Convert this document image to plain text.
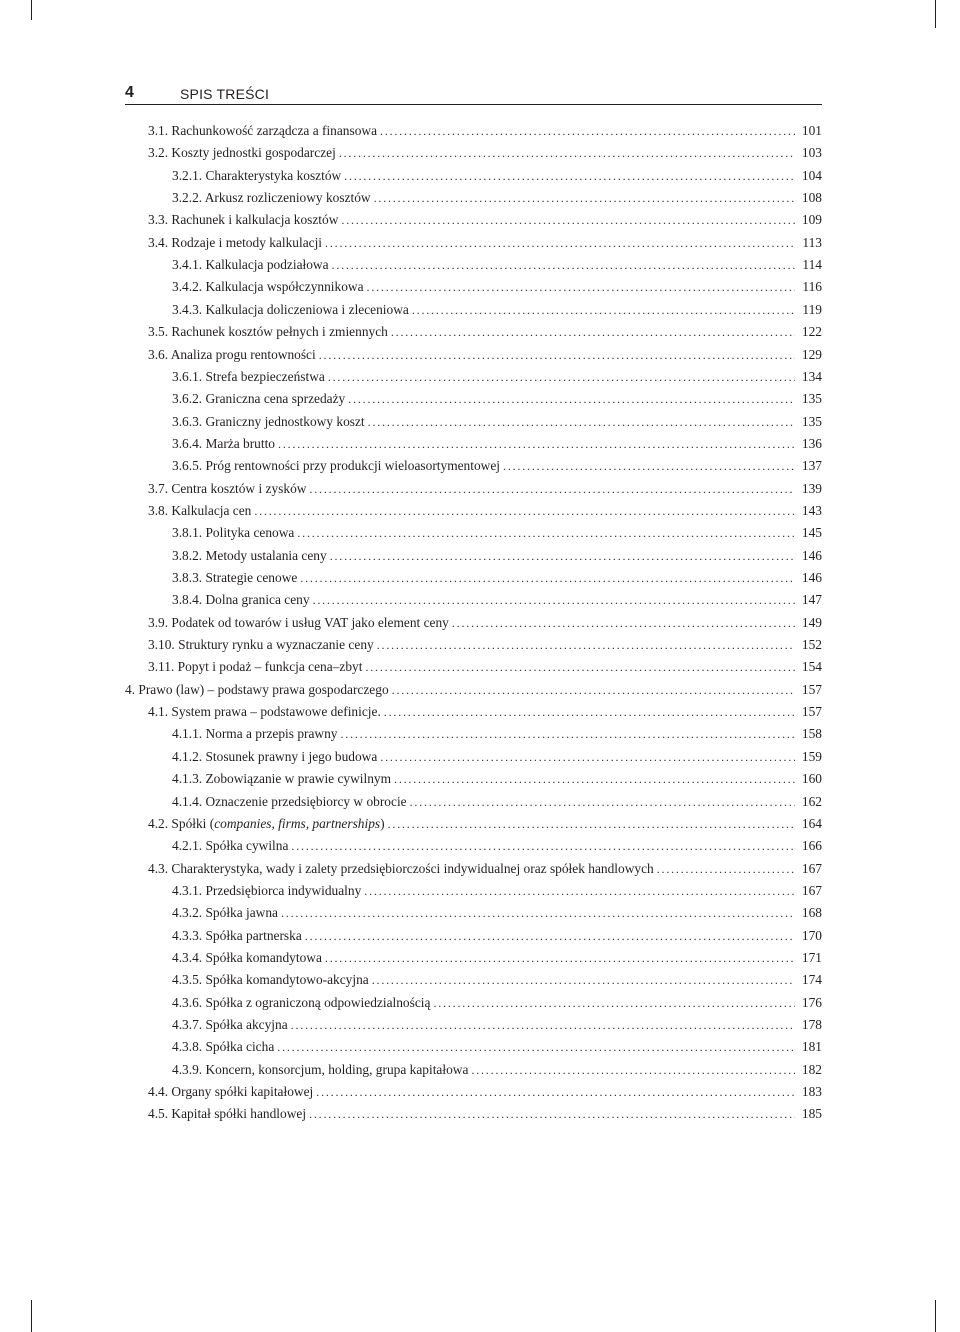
4	SPIS TREŚCI
3.1. Rachunkowość zarządcza a finansowa . . .	101
3.2. Koszty jednostki gospodarczej . . .	103
3.2.1. Charakterystyka kosztów . . .	104
3.2.2. Arkusz rozliczeniowy kosztów . . .	108
3.3. Rachunek i kalkulacja kosztów . . .	109
3.4. Rodzaje i metody kalkulacji . . .	113
3.4.1. Kalkulacja podziałowa . . .	114
3.4.2. Kalkulacja współczynnikowa . . .	116
3.4.3. Kalkulacja doliczeniowa i zleceniowa . . .	119
3.5. Rachunek kosztów pełnych i zmiennych . . .	122
3.6. Analiza progu rentowności . . .	129
3.6.1. Strefa bezpieczeństwa . . .	134
3.6.2. Graniczna cena sprzedaży . . .	135
3.6.3. Graniczny jednostkowy koszt . . .	135
3.6.4. Marża brutto . . .	136
3.6.5. Próg rentowności przy produkcji wieloasortymentowej . . .	137
3.7. Centra kosztów i zysków . . .	139
3.8. Kalkulacja cen . . .	143
3.8.1. Polityka cenowa . . .	145
3.8.2. Metody ustalania ceny . . .	146
3.8.3. Strategie cenowe . . .	146
3.8.4. Dolna granica ceny . . .	147
3.9. Podatek od towarów i usług VAT jako element ceny . . .	149
3.10. Struktury rynku a wyznaczanie ceny . . .	152
3.11. Popyt i podaż – funkcja cena–zbyt . . .	154
4. Prawo (law) – podstawy prawa gospodarczego . . .	157
4.1. System prawa – podstawowe definicje. . . .	157
4.1.1. Norma a przepis prawny . . .	158
4.1.2. Stosunek prawny i jego budowa . . .	159
4.1.3. Zobowiązanie w prawie cywilnym . . .	160
4.1.4. Oznaczenie przedsiębiorcy w obrocie . . .	162
4.2. Spółki (companies, firms, partnerships) . . .	164
4.2.1. Spółka cywilna . . .	166
4.3. Charakterystyka, wady i zalety przedsiębiorczości indywidualnej oraz spółek handlowych . . .	167
4.3.1. Przedsiębiorca indywidualny . . .	167
4.3.2. Spółka jawna . . .	168
4.3.3. Spółka partnerska . . .	170
4.3.4. Spółka komandytowa . . .	171
4.3.5. Spółka komandytowo-akcyjna . . .	174
4.3.6. Spółka z ograniczoną odpowiedzialnością . . .	176
4.3.7. Spółka akcyjna . . .	178
4.3.8. Spółka cicha . . .	181
4.3.9. Koncern, konsorcjum, holding, grupa kapitałowa . . .	182
4.4. Organy spółki kapitałowej . . .	183
4.5. Kapitał spółki handlowej . . .	185
